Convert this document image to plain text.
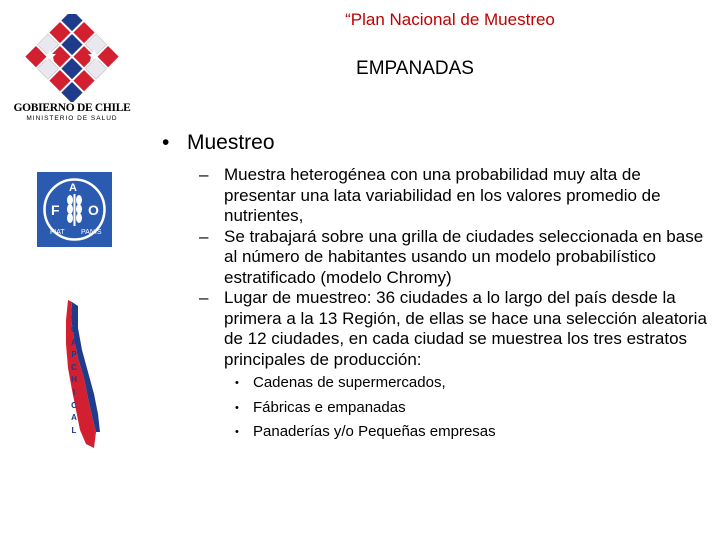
“Plan Nacional de Muestreo
EMPANADAS
GOBIERNO DE CHILE
MINISTERIO DE SALUD
F
A
O
FIAT PANIS
C
A
P
C
H
I
C
A
L
• Muestreo
– Muestra heterogénea con una probabilidad muy alta de presentar una lata variabilidad en los valores promedio de nutrientes,
– Se trabajará sobre una grilla de ciudades seleccionada en base al número de habitantes usando un modelo probabilístico estratificado (modelo Chromy)
– Lugar de muestreo: 36 ciudades a lo largo del país desde la primera a la 13 Región, de ellas se hace una selección aleatoria de 12 ciudades, en cada ciudad se muestrea los tres estratos principales de producción:
• Cadenas de supermercados,
• Fábricas e empanadas
• Panaderías y/o Pequeñas empresas
